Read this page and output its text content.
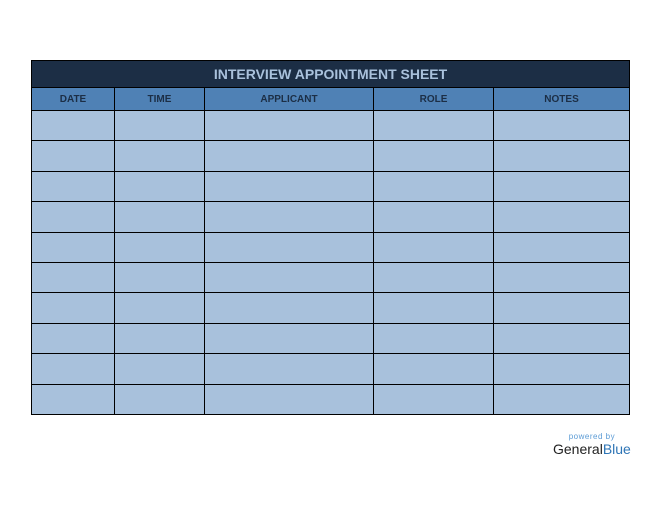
INTERVIEW APPOINTMENT SHEET				
DATE	TIME	APPLICANT	ROLE	NOTES

powered by
GeneralBlue
